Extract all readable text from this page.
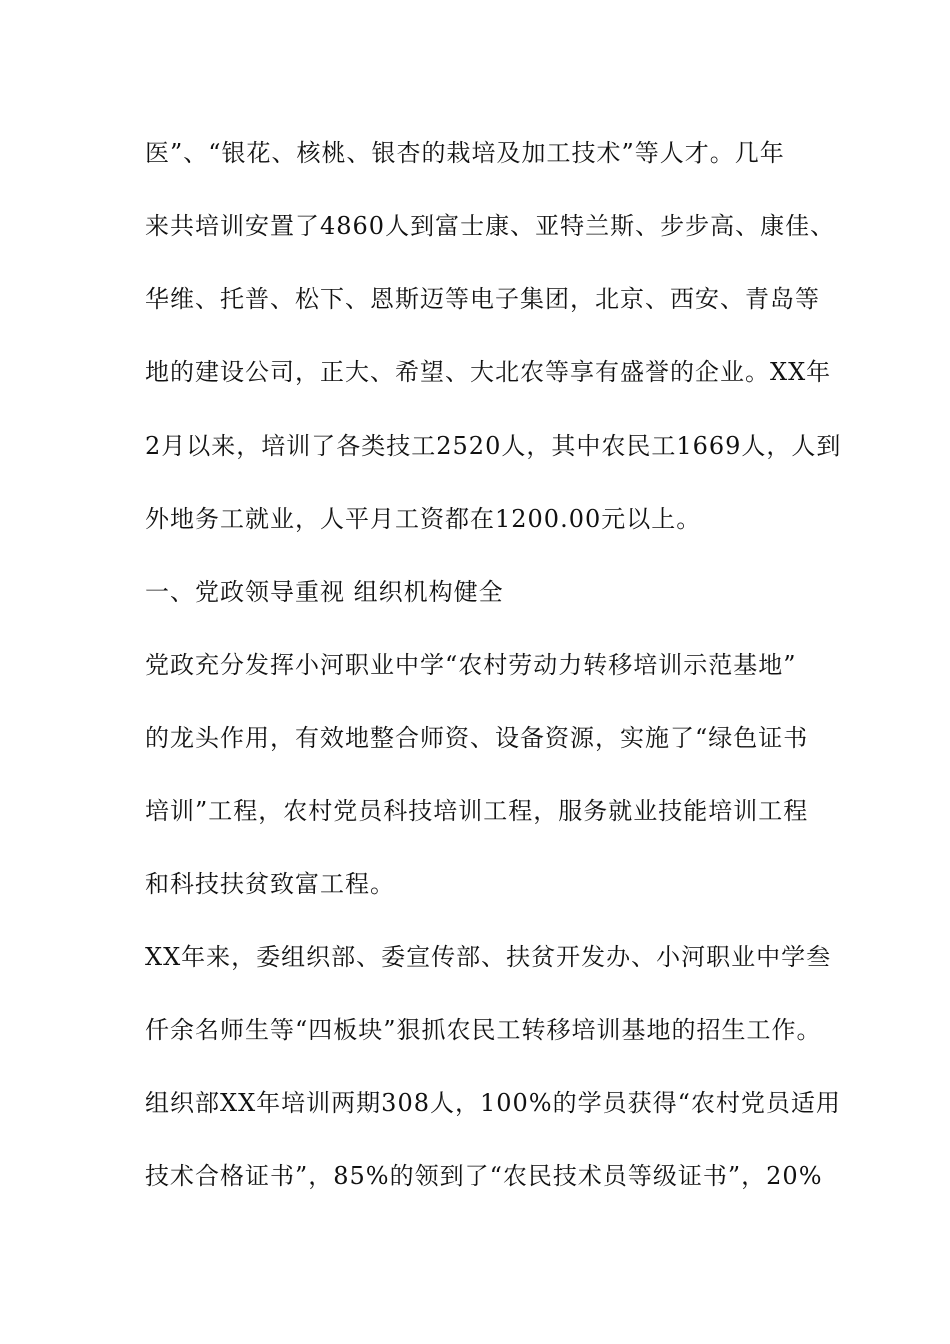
医”、“银花、核桃、银杏的栽培及加工技术”等人才。几年

来共培训安置了4860人到富士康、亚特兰斯、步步高、康佳、

华维、托普、松下、恩斯迈等电子集团，北京、西安、青岛等

地的建设公司，正大、希望、大北农等享有盛誉的企业。XX年

2月以来，培训了各类技工2520人，其中农民工1669人，人到

外地务工就业，人平月工资都在1200.00元以上。

一、党政领导重视 组织机构健全

党政充分发挥小河职业中学“农村劳动力转移培训示范基地”

的龙头作用，有效地整合师资、设备资源，实施了“绿色证书

培训”工程，农村党员科技培训工程，服务就业技能培训工程

和科技扶贫致富工程。

XX年来，委组织部、委宣传部、扶贫开发办、小河职业中学叁

仟余名师生等“四板块”狠抓农民工转移培训基地的招生工作。

组织部XX年培训两期308人，100%的学员获得“农村党员适用

技术合格证书”，85%的领到了“农民技术员等级证书”，20%
